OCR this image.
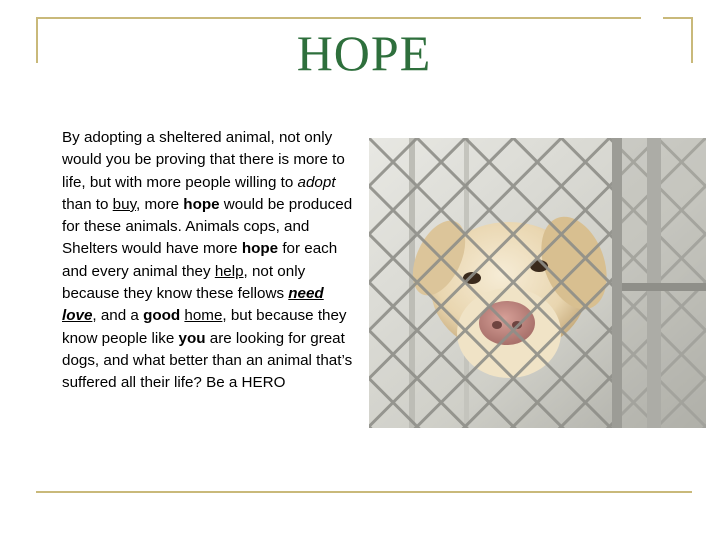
HOPE

By adopting a sheltered animal, not only would you be proving that there is more to life, but with more people willing to adopt than to buy, more hope would be produced for these animals. Animals cops, and Shelters would have more hope for each and every animal they help, not only because they know these fellows need love, and a good home, but because they know people like you are looking for great dogs, and what better than an animal that’s suffered all their life? Be a HERO
